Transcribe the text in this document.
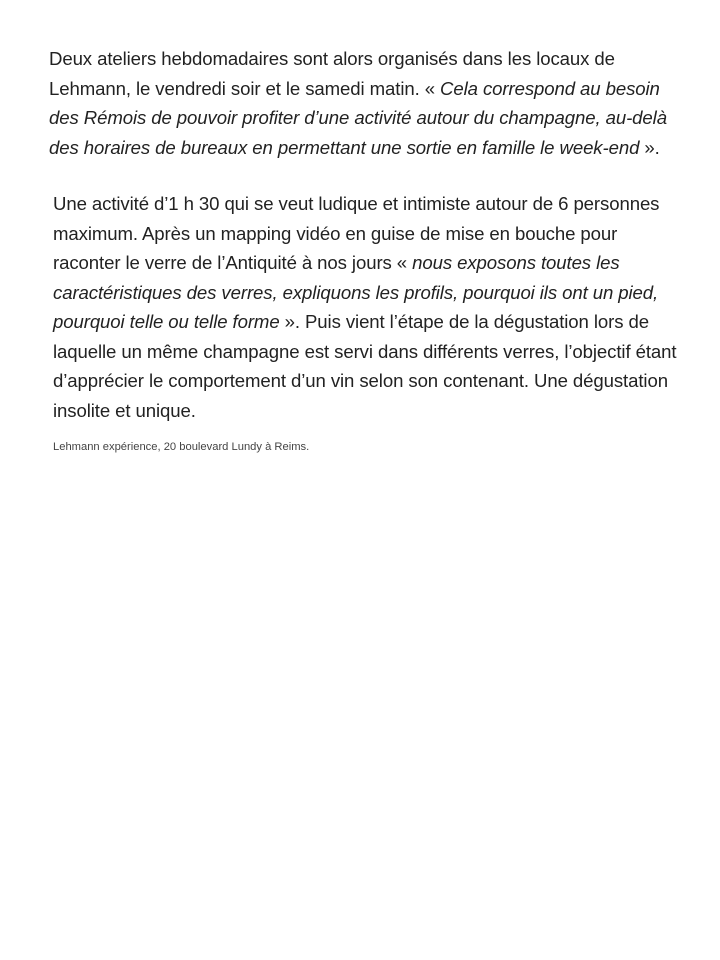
Deux ateliers hebdomadaires sont alors organisés dans les locaux de Lehmann, le vendredi soir et le samedi matin. « Cela correspond au besoin des Rémois de pouvoir profiter d’une activité autour du champagne, au-delà des horaires de bureaux en permettant une sortie en famille le week-end ».

Une activité d’1 h 30 qui se veut ludique et intimiste autour de 6 personnes maximum. Après un mapping vidéo en guise de mise en bouche pour raconter le verre de l’Antiquité à nos jours « nous exposons toutes les caractéristiques des verres, expliquons les profils, pourquoi ils ont un pied, pourquoi telle ou telle forme ». Puis vient l’étape de la dégustation lors de laquelle un même champagne est servi dans différents verres, l’objectif étant d’apprécier le comportement d’un vin selon son contenant. Une dégustation insolite et unique.

Lehmann expérience, 20 boulevard Lundy à Reims.
